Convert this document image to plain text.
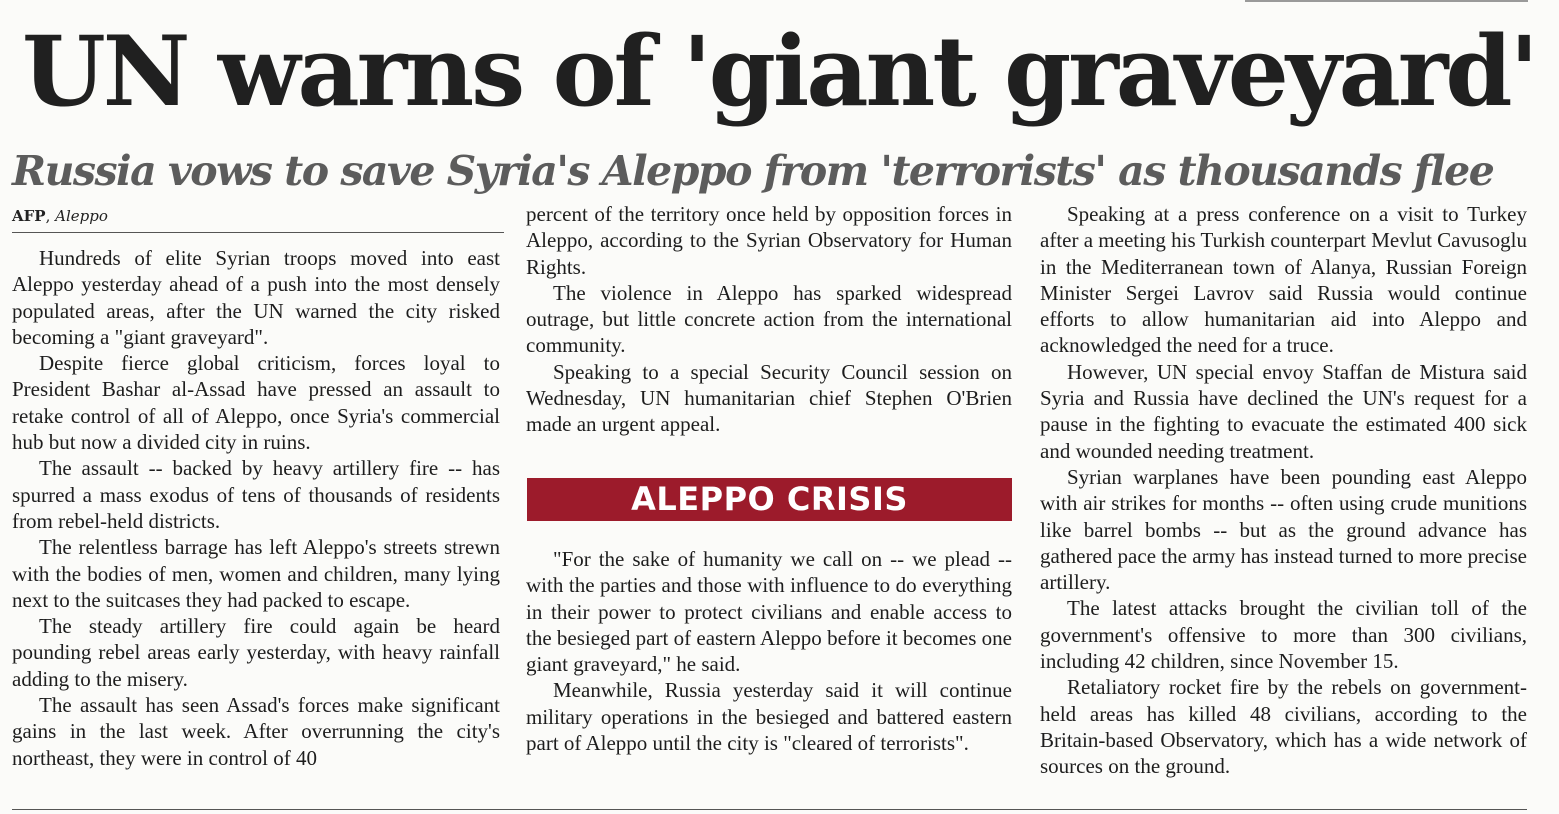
UN warns of 'giant graveyard'
Russia vows to save Syria's Aleppo from 'terrorists' as thousands flee
AFP, Aleppo

Hundreds of elite Syrian troops moved into east Aleppo yesterday ahead of a push into the most densely populated areas, after the UN warned the city risked becoming a "giant graveyard".

Despite fierce global criticism, forces loyal to President Bashar al-Assad have pressed an assault to retake control of all of Aleppo, once Syria's commercial hub but now a divided city in ruins.

The assault -- backed by heavy artillery fire -- has spurred a mass exodus of tens of thousands of residents from rebel-held districts.

The relentless barrage has left Aleppo's streets strewn with the bodies of men, women and children, many lying next to the suitcases they had packed to escape.

The steady artillery fire could again be heard pounding rebel areas early yesterday, with heavy rainfall adding to the misery.

The assault has seen Assad's forces make significant gains in the last week. After overrunning the city's northeast, they were in control of 40

percent of the territory once held by opposition forces in Aleppo, according to the Syrian Observatory for Human Rights.

The violence in Aleppo has sparked widespread outrage, but little concrete action from the international community.

Speaking to a special Security Council session on Wednesday, UN humanitarian chief Stephen O'Brien made an urgent appeal.

ALEPPO CRISIS

"For the sake of humanity we call on -- we plead -- with the parties and those with influence to do everything in their power to protect civilians and enable access to the besieged part of eastern Aleppo before it becomes one giant graveyard," he said.

Meanwhile, Russia yesterday said it will continue military operations in the besieged and battered eastern part of Aleppo until the city is "cleared of terrorists".

Speaking at a press conference on a visit to Turkey after a meeting his Turkish counterpart Mevlut Cavusoglu in the Mediterranean town of Alanya, Russian Foreign Minister Sergei Lavrov said Russia would continue efforts to allow humanitarian aid into Aleppo and acknowledged the need for a truce.

However, UN special envoy Staffan de Mistura said Syria and Russia have declined the UN's request for a pause in the fighting to evacuate the estimated 400 sick and wounded needing treatment.

Syrian warplanes have been pounding east Aleppo with air strikes for months -- often using crude munitions like barrel bombs -- but as the ground advance has gathered pace the army has instead turned to more precise artillery.

The latest attacks brought the civilian toll of the government's offensive to more than 300 civilians, including 42 children, since November 15.

Retaliatory rocket fire by the rebels on government-held areas has killed 48 civilians, according to the Britain-based Observatory, which has a wide network of sources on the ground.
